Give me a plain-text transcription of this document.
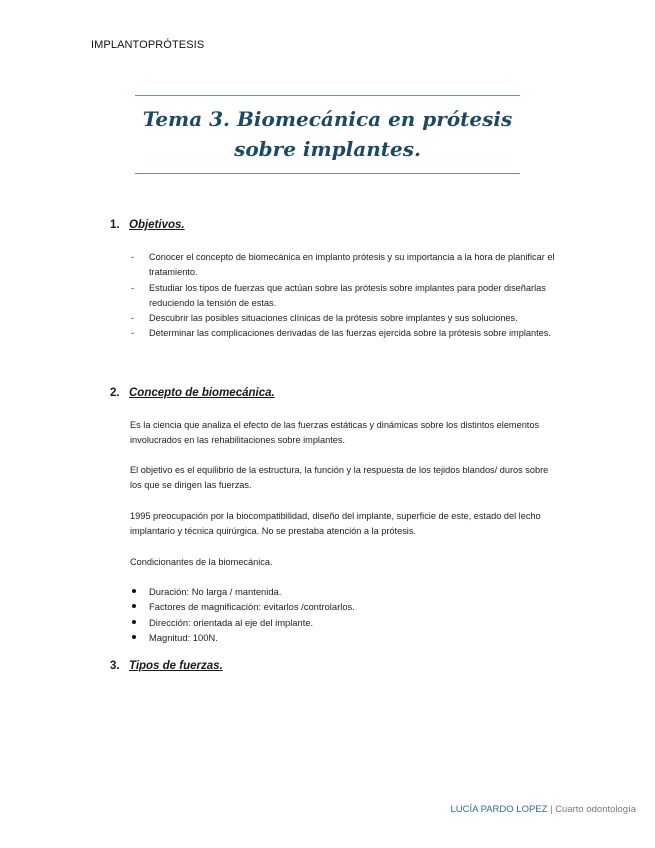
IMPLANTOPRÓTESIS
Tema 3. Biomecánica en prótesis
sobre implantes.
1. Objetivos.
- Conocer el concepto de biomecánica en implanto prótesis y su importancia a la hora de planificar el tratamiento.
- Estudiar los tipos de fuerzas que actúan sobre las prótesis sobre implantes para poder diseñarlas reduciendo la tensión de estas.
- Descubrir las posibles situaciones clínicas de la prótesis sobre implantes y sus soluciones.
- Determinar las complicaciones derivadas de las fuerzas ejercida sobre la prótesis sobre implantes.
2. Concepto de biomecánica.

Es la ciencia que analiza el efecto de las fuerzas estáticas y dinámicas sobre los distintos elementos involucrados en las rehabilitaciones sobre implantes.

El objetivo es el equilibrio de la estructura, la función y la respuesta de los tejidos blandos/ duros sobre los que se dirigen las fuerzas.

1995 preocupación por la biocompatibilidad, diseño del implante, superficie de este, estado del lecho implantario y técnica quirúrgica. No se prestaba atención a la prótesis.

Condicionantes de la biomecánica.

Duración: No larga / mantenida.
Factores de magnificación: evitarlos /controlarlos.
Dirección: orientada al eje del implante.
Magnitud: 100N.
3. Tipos de fuerzas.
LUCÍA PARDO LOPEZ | Cuarto odontología
